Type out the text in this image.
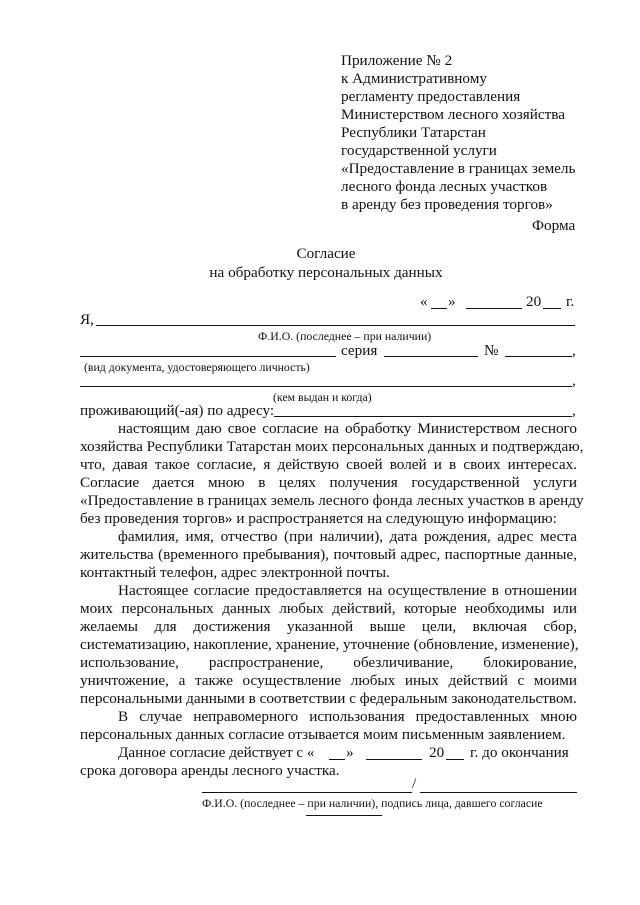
Приложение № 2
к Административному
регламенту предоставления
Министерством лесного хозяйства
Республики Татарстан
государственной услуги
«Предоставление в границах земель
лесного фонда лесных участков
в аренду без проведения торгов»
Форма
Согласие
на обработку персональных данных
« »	20 г.
Я,
Ф.И.О. (последнее – при наличии)
серия	№	,
(вид документа, удостоверяющего личность)
,
(кем выдан и когда)
проживающий(-ая) по адресу:	,
настоящим даю свое согласие на обработку Министерством лесного
хозяйства Республики Татарстан моих персональных данных и подтверждаю,
что, давая такое согласие, я действую своей волей и в своих интересах.
Согласие дается мною в целях получения государственной услуги
«Предоставление в границах земель лесного фонда лесных участков в аренду
без проведения торгов» и распространяется на следующую информацию:
фамилия, имя, отчество (при наличии), дата рождения, адрес места
жительства (временного пребывания), почтовый адрес, паспортные данные,
контактный телефон, адрес электронной почты.
Настоящее согласие предоставляется на осуществление в отношении
моих персональных данных любых действий, которые необходимы или
желаемы для достижения указанной выше цели, включая сбор,
систематизацию, накопление, хранение, уточнение (обновление, изменение),
использование, распространение, обезличивание, блокирование,
уничтожение, а также осуществление любых иных действий с моими
персональными данными в соответствии с федеральным законодательством.
В случае неправомерного использования предоставленных мною
персональных данных согласие отзывается моим письменным заявлением.
Данное согласие действует с « »	20 г. до окончания
срока договора аренды лесного участка.
/
Ф.И.О. (последнее – при наличии), подпись лица, давшего согласие
